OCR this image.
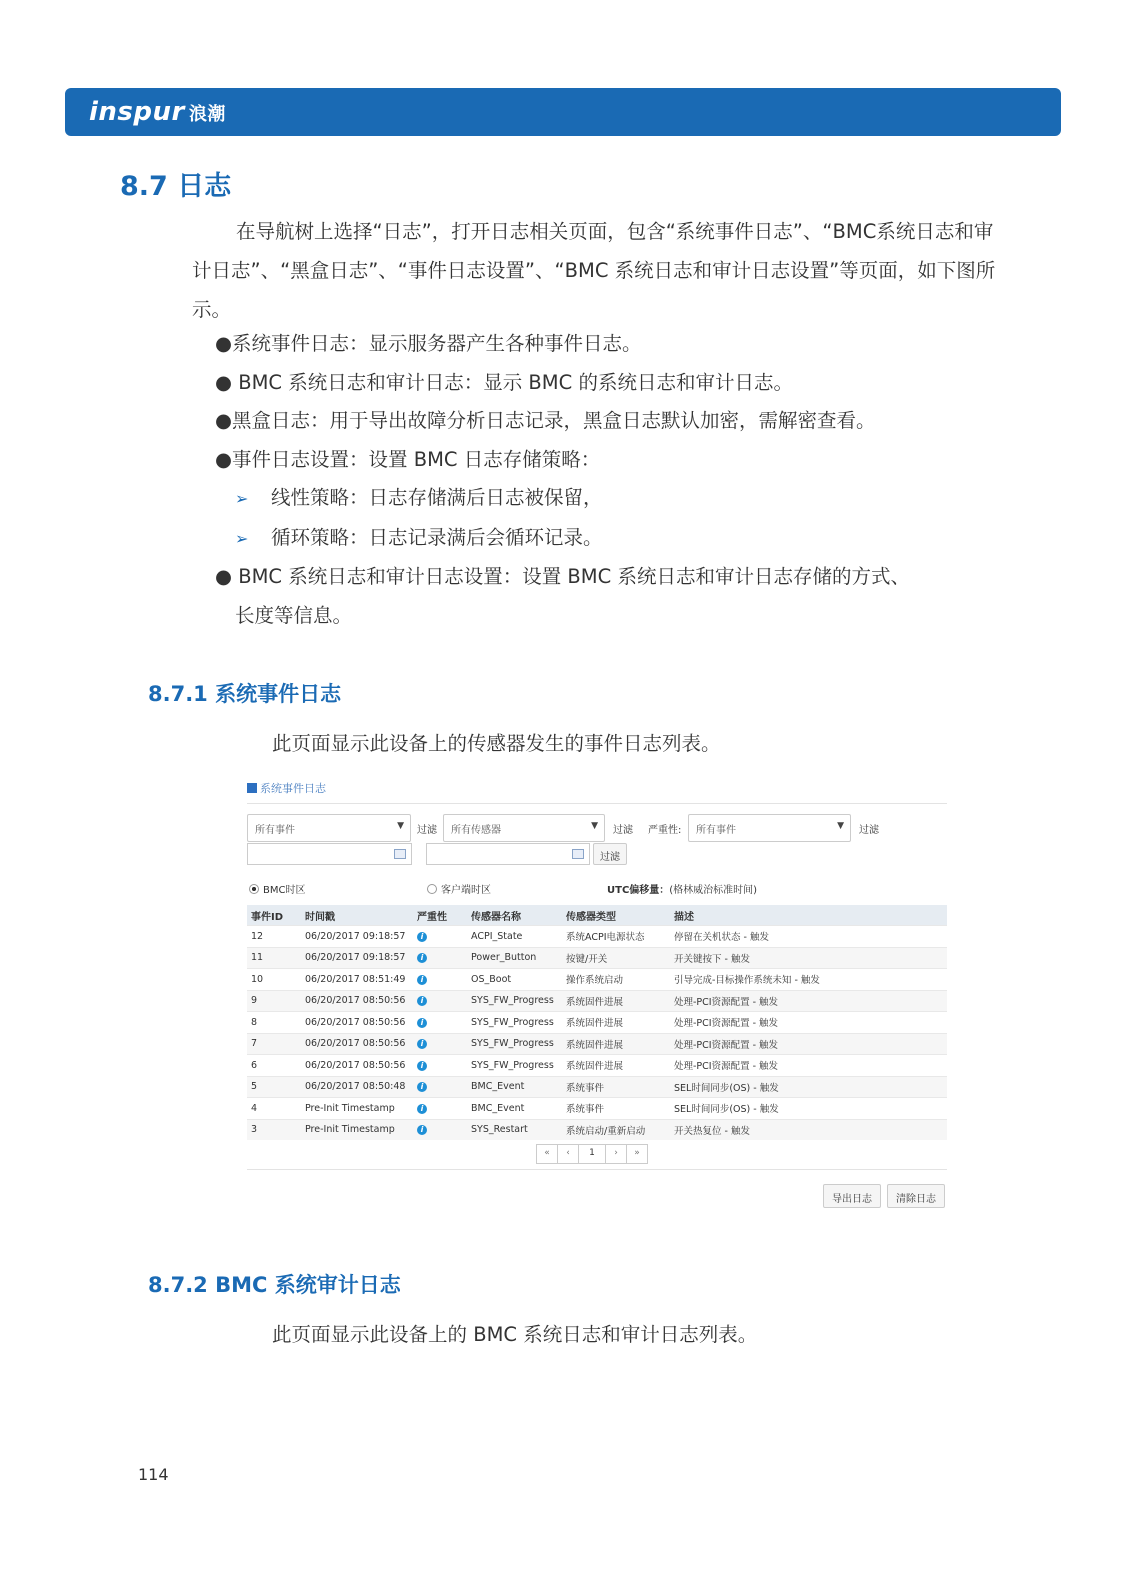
inspur 浪潮
8.7 日志
在导航树上选择“日志”，打开日志相关页面，包含“系统事件日志”、“BMC系统日志和审计日志”、“黑盒日志”、“事件日志设置”、“BMC 系统日志和审计日志设置”等页面，如下图所示。
●系统事件日志：显示服务器产生各种事件日志。
● BMC 系统日志和审计日志：显示 BMC 的系统日志和审计日志。
●黑盒日志：用于导出故障分析日志记录，黑盒日志默认加密，需解密查看。
●事件日志设置：设置 BMC 日志存储策略：
➢ 线性策略：日志存储满后日志被保留，
➢ 循环策略：日志记录满后会循环记录。
● BMC 系统日志和审计日志设置：设置 BMC 系统日志和审计日志存储的方式、
长度等信息。
8.7.1 系统事件日志
此页面显示此设备上的传感器发生的事件日志列表。
系统事件日志
所有事件	▼ 过滤	所有传感器	▼ 过滤 严重性:	所有事件	▼ 过滤
过滤
BMC时区	客户端时区	UTC偏移量：(格林威治标准时间)
事件ID	时间戳	严重性	传感器名称	传感器类型	描述
12	06/20/2017 09:18:57	i	ACPI_State	系统ACPI电源状态	停留在关机状态 - 触发
11	06/20/2017 09:18:57	i	Power_Button	按键/开关	开关键按下 - 触发
10	06/20/2017 08:51:49	i	OS_Boot	操作系统启动	引导完成-目标操作系统未知 - 触发
9	06/20/2017 08:50:56	i	SYS_FW_Progress	系统固件进展	处理-PCI资源配置 - 触发
8	06/20/2017 08:50:56	i	SYS_FW_Progress	系统固件进展	处理-PCI资源配置 - 触发
7	06/20/2017 08:50:56	i	SYS_FW_Progress	系统固件进展	处理-PCI资源配置 - 触发
6	06/20/2017 08:50:56	i	SYS_FW_Progress	系统固件进展	处理-PCI资源配置 - 触发
5	06/20/2017 08:50:48	i	BMC_Event	系统事件	SEL时间同步(OS) - 触发
4	Pre-Init Timestamp	i	BMC_Event	系统事件	SEL时间同步(OS) - 触发
3	Pre-Init Timestamp	i	SYS_Restart	系统启动/重新启动	开关热复位 - 触发
«	‹	1	›	»
导出日志	清除日志
8.7.2 BMC 系统审计日志
此页面显示此设备上的 BMC 系统日志和审计日志列表。
114
